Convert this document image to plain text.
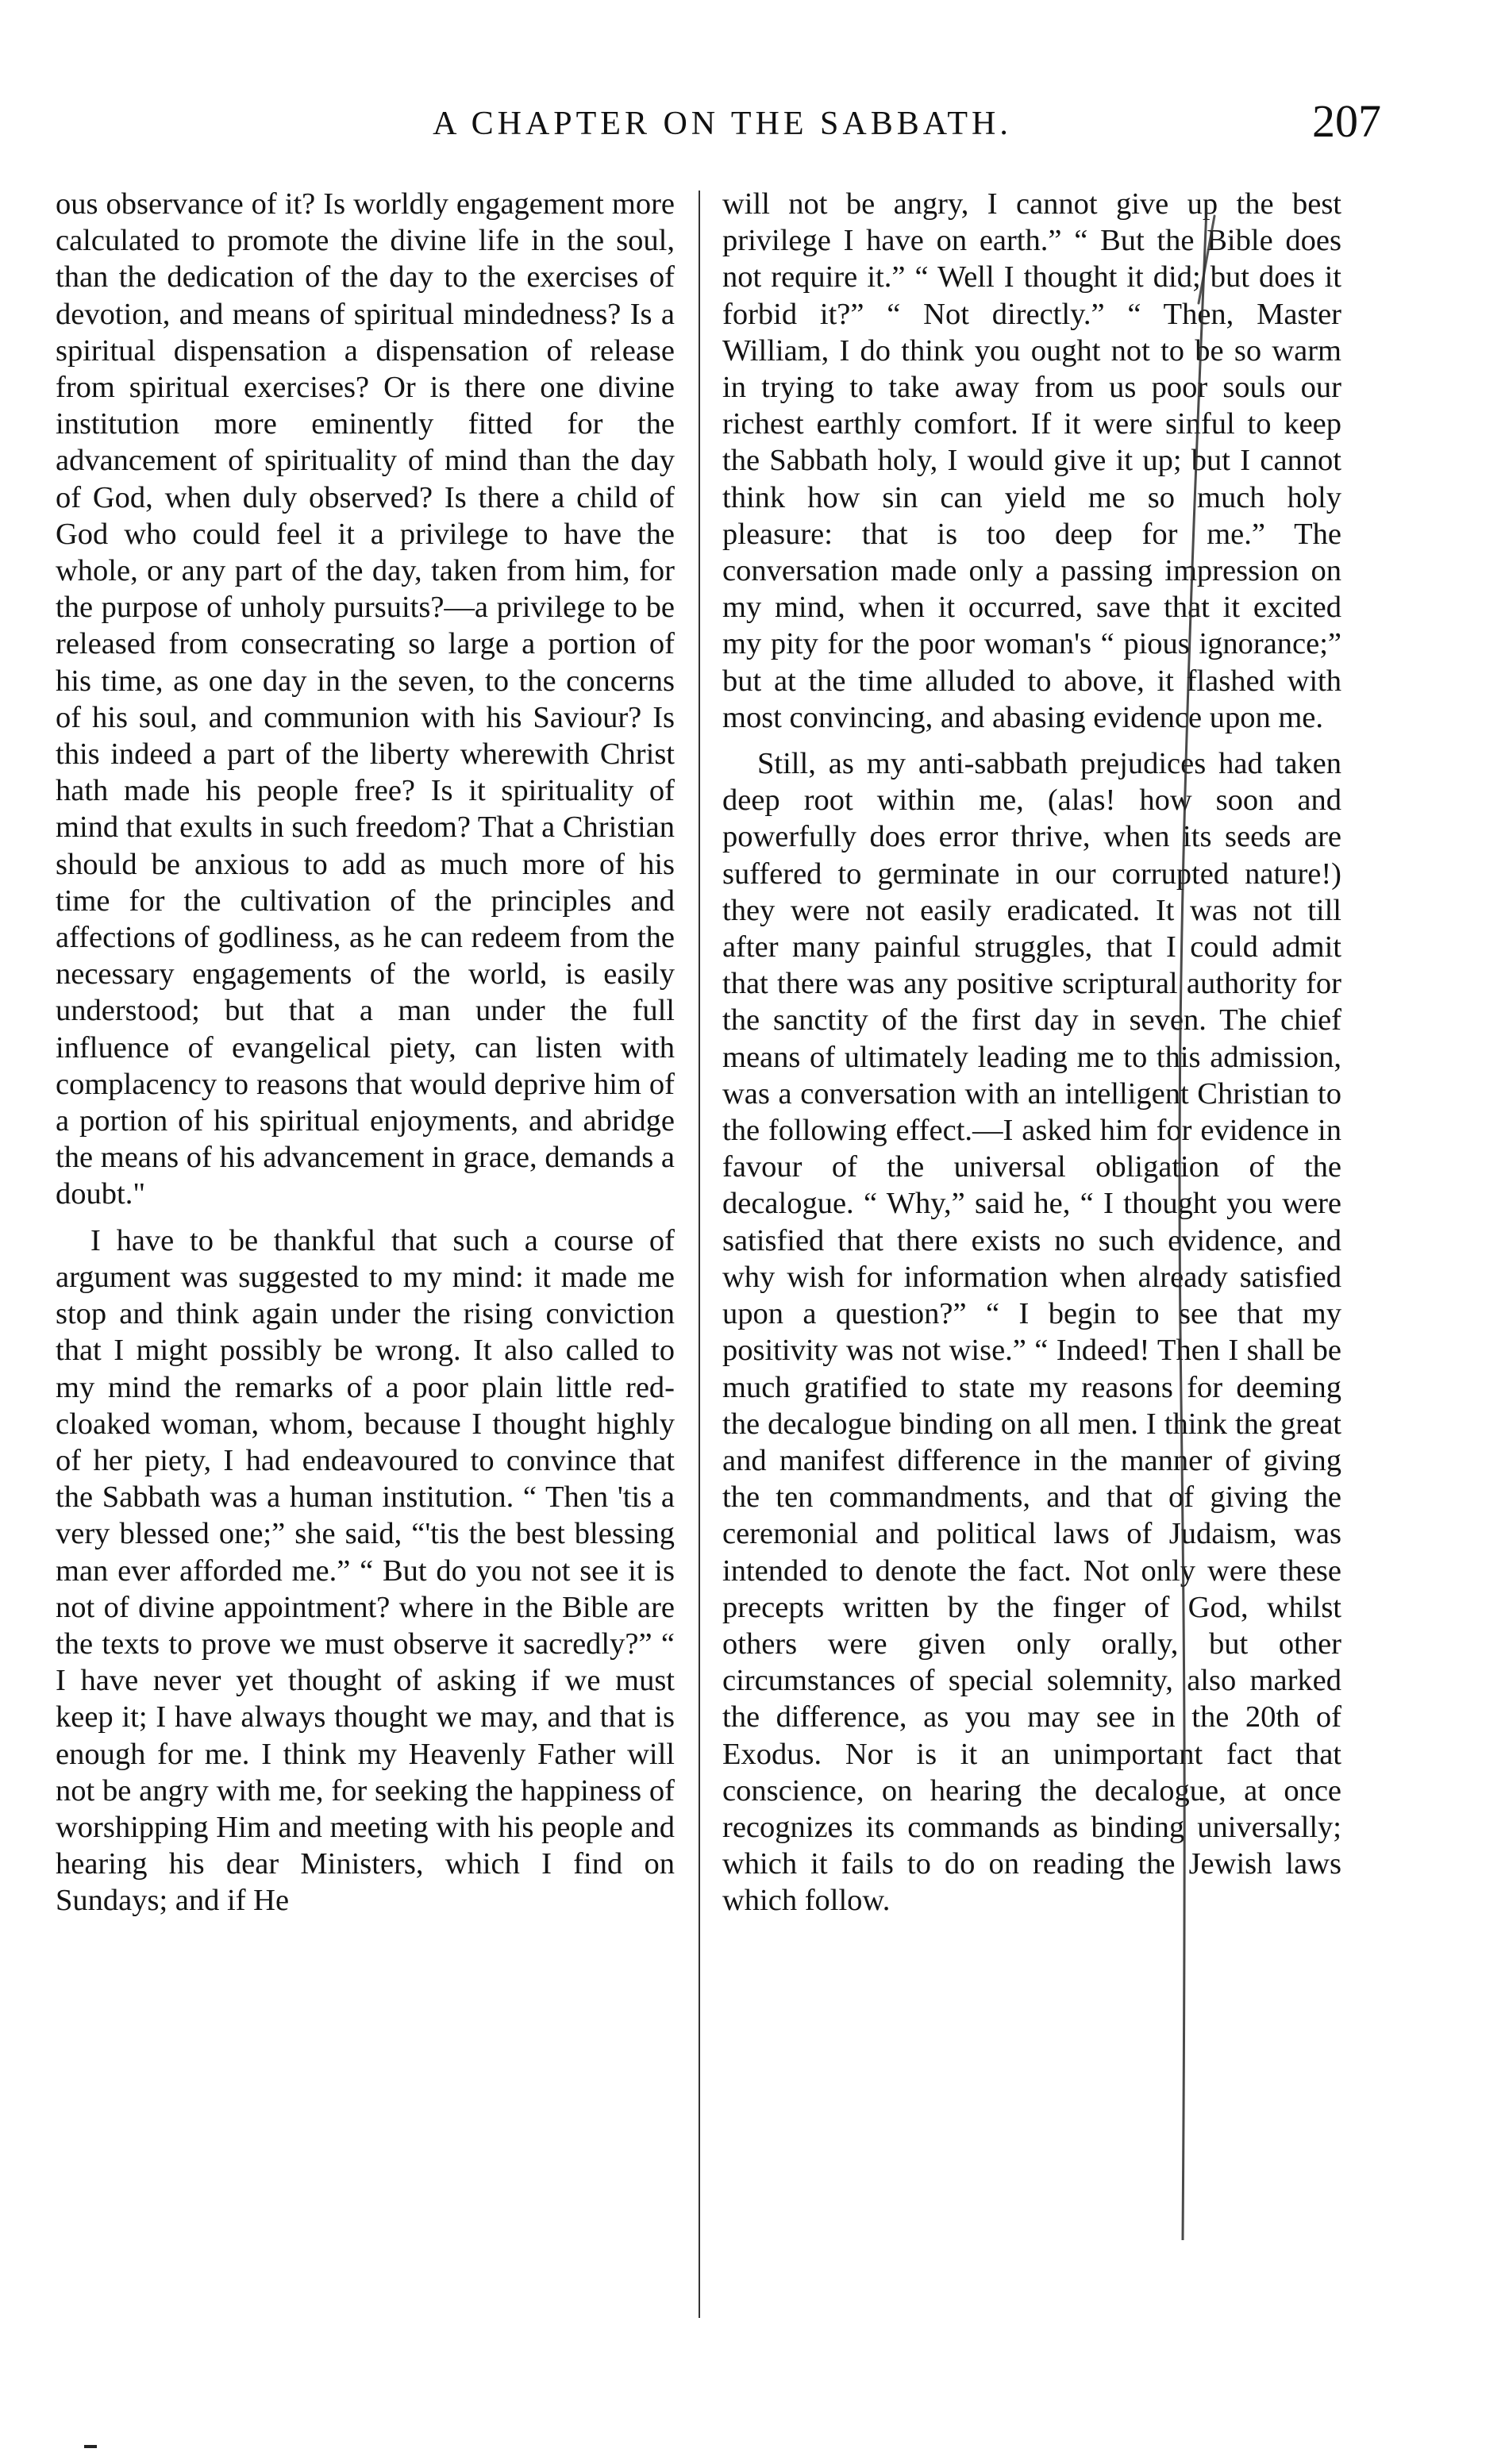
A CHAPTER ON THE SABBATH.	207

ous observance of it? Is worldly engagement more calculated to promote the divine life in the soul, than the dedication of the day to the exercises of devotion, and means of spiritual mindedness? Is a spiritual dispensation a dispensation of release from spiritual exercises? Or is there one divine institution more eminently fitted for the advancement of spirituality of mind than the day of God, when duly observed? Is there a child of God who could feel it a privilege to have the whole, or any part of the day, taken from him, for the purpose of unholy pursuits?—a privilege to be released from consecrating so large a portion of his time, as one day in the seven, to the concerns of his soul, and communion with his Saviour? Is this indeed a part of the liberty wherewith Christ hath made his people free? Is it spirituality of mind that exults in such freedom? That a Christian should be anxious to add as much more of his time for the cultivation of the principles and affections of godliness, as he can redeem from the necessary engagements of the world, is easily understood; but that a man under the full influence of evangelical piety, can listen with complacency to reasons that would deprive him of a portion of his spiritual enjoyments, and abridge the means of his advancement in grace, demands a doubt."

I have to be thankful that such a course of argument was suggested to my mind: it made me stop and think again under the rising conviction that I might possibly be wrong. It also called to my mind the remarks of a poor plain little red-cloaked woman, whom, because I thought highly of her piety, I had endeavoured to convince that the Sabbath was a human institution. “ Then 'tis a very blessed one;” she said, “'tis the best blessing man ever afforded me.” “ But do you not see it is not of divine appointment? where in the Bible are the texts to prove we must observe it sacredly?” “ I have never yet thought of asking if we must keep it; I have always thought we may, and that is enough for me. I think my Heavenly Father will not be angry with me, for seeking the happiness of worshipping Him and meeting with his people and hearing his dear Ministers, which I find on Sundays; and if He

will not be angry, I cannot give up the best privilege I have on earth.” “ But the Bible does not require it.” “ Well I thought it did; but does it forbid it?” “ Not directly.” “ Then, Master William, I do think you ought not to be so warm in trying to take away from us poor souls our richest earthly comfort. If it were sinful to keep the Sabbath holy, I would give it up; but I cannot think how sin can yield me so much holy pleasure: that is too deep for me.” The conversation made only a passing impression on my mind, when it occurred, save that it excited my pity for the poor woman's “ pious ignorance;” but at the time alluded to above, it flashed with most convincing, and abasing evidence upon me.

Still, as my anti-sabbath prejudices had taken deep root within me, (alas! how soon and powerfully does error thrive, when its seeds are suffered to germinate in our corrupted nature!) they were not easily eradicated. It was not till after many painful struggles, that I could admit that there was any positive scriptural authority for the sanctity of the first day in seven. The chief means of ultimately leading me to this admission, was a conversation with an intelligent Christian to the following effect.—I asked him for evidence in favour of the universal obligation of the decalogue. “ Why,” said he, “ I thought you were satisfied that there exists no such evidence, and why wish for information when already satisfied upon a question?” “ I begin to see that my positivity was not wise.” “ Indeed! Then I shall be much gratified to state my reasons for deeming the decalogue binding on all men. I think the great and manifest difference in the manner of giving the ten commandments, and that of giving the ceremonial and political laws of Judaism, was intended to denote the fact. Not only were these precepts written by the finger of God, whilst others were given only orally, but other circumstances of special solemnity, also marked the difference, as you may see in the 20th of Exodus. Nor is it an unimportant fact that conscience, on hearing the decalogue, at once recognizes its commands as binding universally; which it fails to do on reading the Jewish laws which follow.
